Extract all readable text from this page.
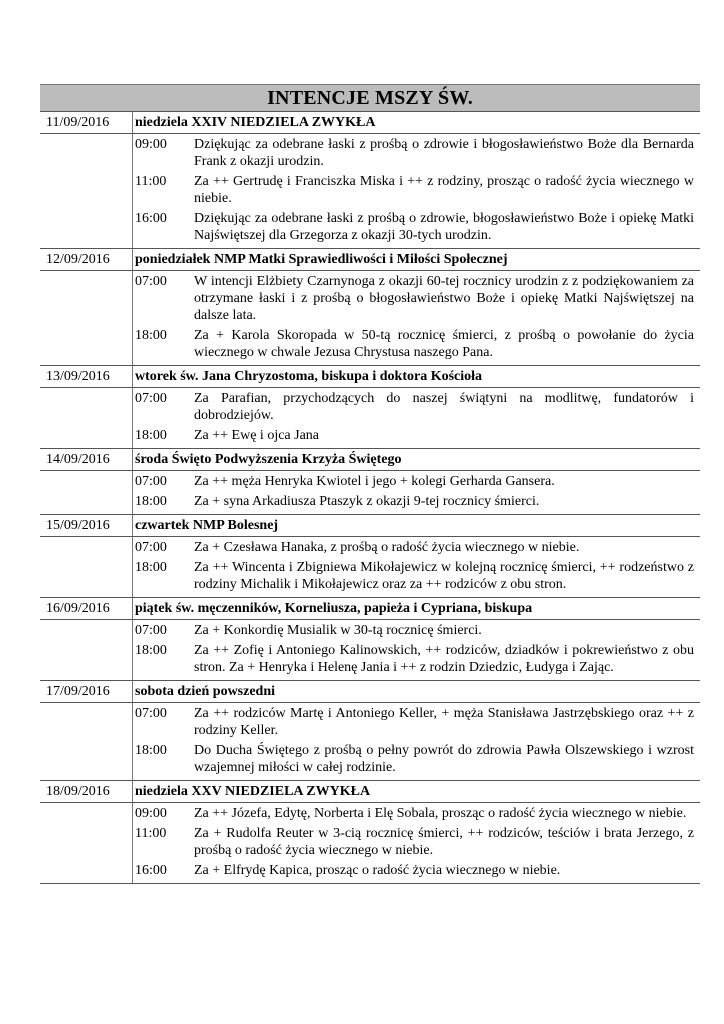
INTENCJE MSZY ŚW.
11/09/2016 niedziela XXIV NIEDZIELA ZWYKŁA
09:00	Dziękując za odebrane łaski z prośbą o zdrowie i błogosławieństwo Boże dla Bernarda Frank z okazji urodzin.
11:00	Za ++ Gertrudę i Franciszka Miska i ++ z rodziny, prosząc o radość życia wiecznego w niebie.
16:00	Dziękując za odebrane łaski z prośbą o zdrowie, błogosławieństwo Boże i opiekę Matki Najświętszej dla Grzegorza z okazji 30-tych urodzin.
12/09/2016 poniedziałek NMP Matki Sprawiedliwości i Miłości Społecznej
07:00	W intencji Elżbiety Czarnynoga z okazji 60-tej rocznicy urodzin z z podziękowaniem za otrzymane łaski i z prośbą o błogosławieństwo Boże i opiekę Matki Najświętszej na dalsze lata.
18:00	Za + Karola Skoropada w 50-tą rocznicę śmierci, z prośbą o powołanie do życia wiecznego w chwale Jezusa Chrystusa naszego Pana.
13/09/2016 wtorek św. Jana Chryzostoma, biskupa i doktora Kościoła
07:00	Za Parafian, przychodzących do naszej świątyni na modlitwę, fundatorów i dobrodziejów.
18:00	Za ++ Ewę i ojca Jana
14/09/2016 środa Święto Podwyższenia Krzyża Świętego
07:00	Za ++ męża Henryka Kwiotel i jego + kolegi Gerharda Gansera.
18:00	Za + syna Arkadiusza Ptaszyk z okazji 9-tej rocznicy śmierci.
15/09/2016 czwartek NMP Bolesnej
07:00	Za + Czesława Hanaka, z prośbą o radość życia wiecznego w niebie.
18:00	Za ++ Wincenta i Zbigniewa Mikołajewicz w kolejną rocznicę śmierci, ++ rodzeństwo z rodziny Michalik i Mikołajewicz oraz za ++ rodziców z obu stron.
16/09/2016 piątek św. męczenników, Korneliusza, papieża i Cypriana, biskupa
07:00	Za + Konkordię Musialik w 30-tą rocznicę śmierci.
18:00	Za ++ Zofię i Antoniego Kalinowskich, ++ rodziców, dziadków i pokrewieństwo z obu stron. Za + Henryka i Helenę Jania i ++ z rodzin Dziedzic, Łudyga i Zając.
17/09/2016 sobota dzień powszedni
07:00	Za ++ rodziców Martę i Antoniego Keller, + męża Stanisława Jastrzębskiego oraz ++ z rodziny Keller.
18:00	Do Ducha Świętego z prośbą o pełny powrót do zdrowia Pawła Olszewskiego i wzrost wzajemnej miłości w całej rodzinie.
18/09/2016 niedziela XXV NIEDZIELA ZWYKŁA
09:00	Za ++ Józefa, Edytę, Norberta i Elę Sobala, prosząc o radość życia wiecznego w niebie.
11:00	Za + Rudolfa Reuter w 3-cią rocznicę śmierci, ++ rodziców, teściów i brata Jerzego, z prośbą o radość życia wiecznego w niebie.
16:00	Za + Elfrydę Kapica, prosząc o radość życia wiecznego w niebie.
